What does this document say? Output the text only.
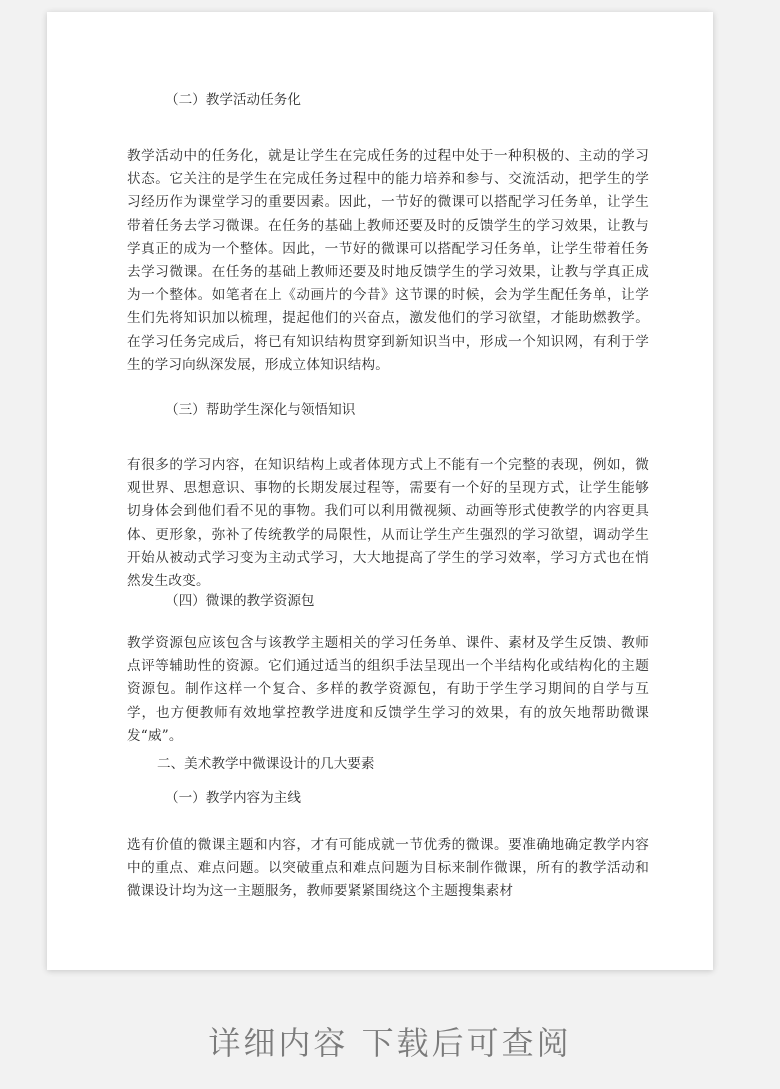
（二）教学活动任务化
教学活动中的任务化，就是让学生在完成任务的过程中处于一种积极的、主动的学习状态。它关注的是学生在完成任务过程中的能力培养和参与、交流活动，把学生的学习经历作为课堂学习的重要因素。因此，一节好的微课可以搭配学习任务单，让学生带着任务去学习微课。在任务的基础上教师还要及时的反馈学生的学习效果，让教与学真正的成为一个整体。因此，一节好的微课可以搭配学习任务单，让学生带着任务去学习微课。在任务的基础上教师还要及时地反馈学生的学习效果，让教与学真正成为一个整体。如笔者在上《动画片的今昔》这节课的时候，会为学生配任务单，让学生们先将知识加以梳理，提起他们的兴奋点，激发他们的学习欲望，才能助燃教学。在学习任务完成后，将已有知识结构贯穿到新知识当中，形成一个知识网，有利于学生的学习向纵深发展，形成立体知识结构。
（三）帮助学生深化与领悟知识
有很多的学习内容，在知识结构上或者体现方式上不能有一个完整的表现，例如，微观世界、思想意识、事物的长期发展过程等，需要有一个好的呈现方式，让学生能够切身体会到他们看不见的事物。我们可以利用微视频、动画等形式使教学的内容更具体、更形象，弥补了传统教学的局限性，从而让学生产生强烈的学习欲望，调动学生开始从被动式学习变为主动式学习，大大地提高了学生的学习效率，学习方式也在悄然发生改变。
（四）微课的教学资源包
教学资源包应该包含与该教学主题相关的学习任务单、课件、素材及学生反馈、教师点评等辅助性的资源。它们通过适当的组织手法呈现出一个半结构化或结构化的主题资源包。制作这样一个复合、多样的教学资源包，有助于学生学习期间的自学与互学，也方便教师有效地掌控教学进度和反馈学生学习的效果，有的放矢地帮助微课发“威”。
二、美术教学中微课设计的几大要素
（一）教学内容为主线
选有价值的微课主题和内容，才有可能成就一节优秀的微课。要准确地确定教学内容中的重点、难点问题。以突破重点和难点问题为目标来制作微课，所有的教学活动和微课设计均为这一主题服务，教师要紧紧围绕这个主题搜集素材
详细内容 下载后可查阅
